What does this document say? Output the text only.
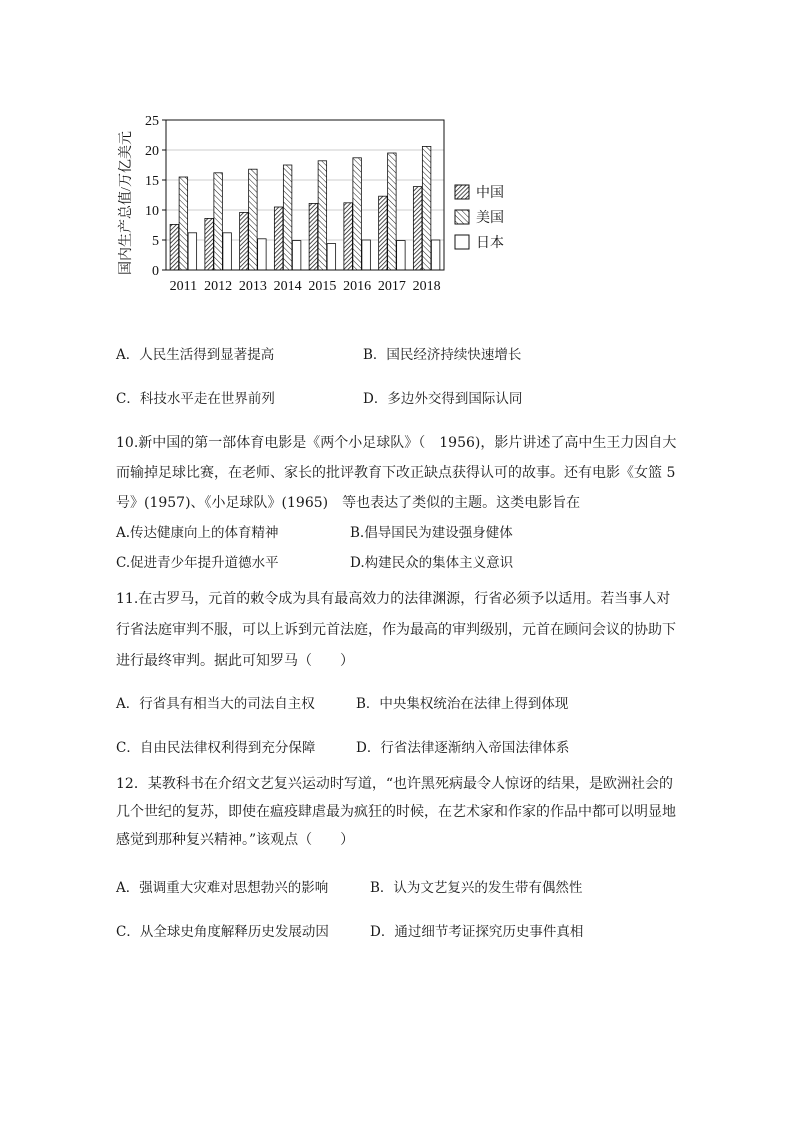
国内生产总值/万亿美元 0
5
10
15
20
25
2011 2012 2013 2014 2015 2016 2017 2018
中国
美国
日本
A．人民生活得到显著提高	B．国民经济持续快速增长
C．科技水平走在世界前列	D．多边外交得到国际认同
10.新中国的第一部体育电影是《两个小足球队》（　1956)，影片讲述了高中生王力因自大
而输掉足球比赛，在老师、家长的批评教育下改正缺点获得认可的故事。还有电影《女篮 5
号》(1957)、《小足球队》(1965)　等也表达了类似的主题。这类电影旨在
A.传达健康向上的体育精神	B.倡导国民为建设强身健体
C.促进青少年提升道德水平	D.构建民众的集体主义意识
11.在古罗马，元首的敕令成为具有最高效力的法律渊源，行省必须予以适用。若当事人对
行省法庭审判不服，可以上诉到元首法庭，作为最高的审判级别，元首在顾问会议的协助下
进行最终审判。据此可知罗马（　　）
A．行省具有相当大的司法自主权	B．中央集权统治在法律上得到体现
C．自由民法律权利得到充分保障	D．行省法律逐渐纳入帝国法律体系
12．某教科书在介绍文艺复兴运动时写道，“也许黑死病最令人惊讶的结果，是欧洲社会的
几个世纪的复苏，即使在瘟疫肆虐最为疯狂的时候，在艺术家和作家的作品中都可以明显地
感觉到那种复兴精神。”该观点（　　）
A．强调重大灾难对思想勃兴的影响	B．认为文艺复兴的发生带有偶然性
C．从全球史角度解释历史发展动因	D．通过细节考证探究历史事件真相
